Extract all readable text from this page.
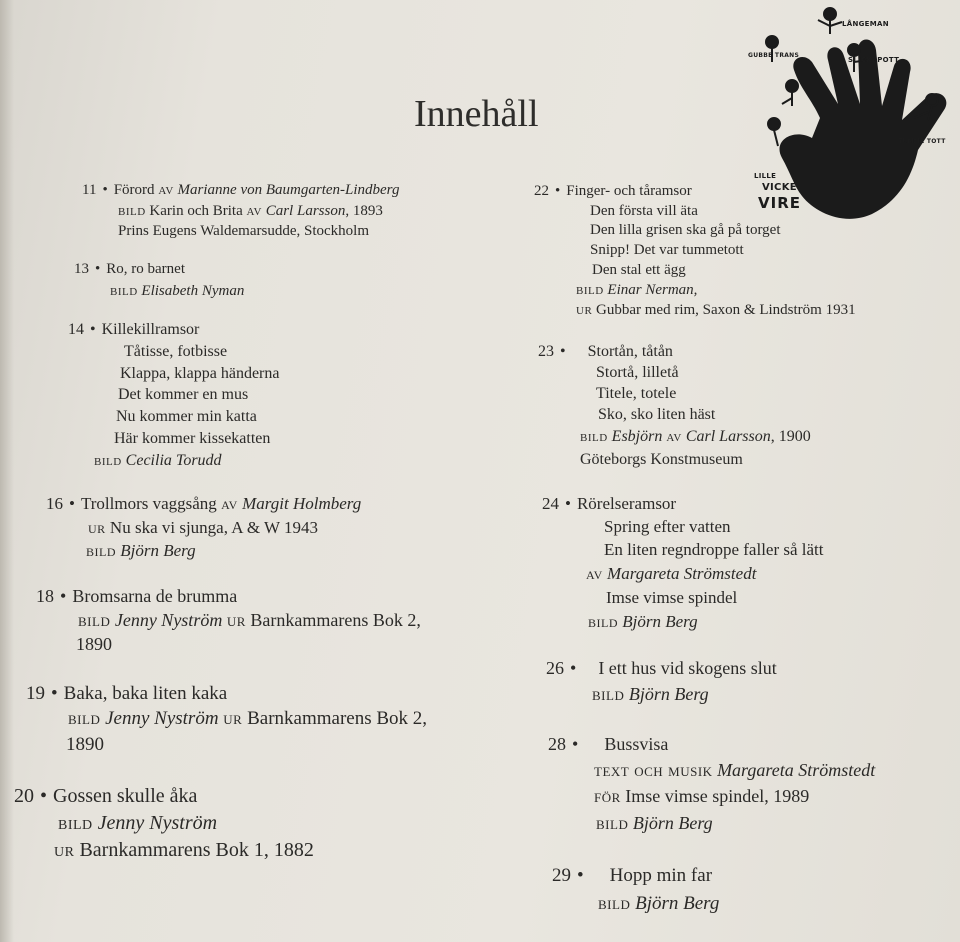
Innehåll
LÅNGEMAN
GUBBE TRANS
SLICKEPOTT
TUMME TOTT
LILLE
VICKE
VIRE
11 • Förord av Marianne von Baumgarten-Lindberg
bild Karin och Brita av Carl Larsson, 1893
Prins Eugens Waldemarsudde, Stockholm
13 • Ro, ro barnet
bild Elisabeth Nyman
14 • Killekillramsor
Tåtisse, fotbisse
Klappa, klappa händerna
Det kommer en mus
Nu kommer min katta
Här kommer kissekatten
bild Cecilia Torudd
16 • Trollmors vaggsång av Margit Holmberg
ur Nu ska vi sjunga, A & W 1943
bild Björn Berg
18 • Bromsarna de brumma
bild Jenny Nyström ur Barnkammarens Bok 2,
1890
19 • Baka, baka liten kaka
bild Jenny Nyström ur Barnkammarens Bok 2,
1890
20 • Gossen skulle åka
bild Jenny Nyström
ur Barnkammarens Bok 1, 1882
22 • Finger- och tåramsor
Den första vill äta
Den lilla grisen ska gå på torget
Snipp! Det var tummetott
Den stal ett ägg
bild Einar Nerman,
ur Gubbar med rim, Saxon & Lindström 1931
23 • Stortån, tåtån
Stortå, lilletå
Titele, totele
Sko, sko liten häst
bild Esbjörn av Carl Larsson, 1900
Göteborgs Konstmuseum
24 • Rörelseramsor
Spring efter vatten
En liten regndroppe faller så lätt
av Margareta Strömstedt
Imse vimse spindel
bild Björn Berg
26 • I ett hus vid skogens slut
bild Björn Berg
28 • Bussvisa
text och musik Margareta Strömstedt
för Imse vimse spindel, 1989
bild Björn Berg
29 • Hopp min far
bild Björn Berg
